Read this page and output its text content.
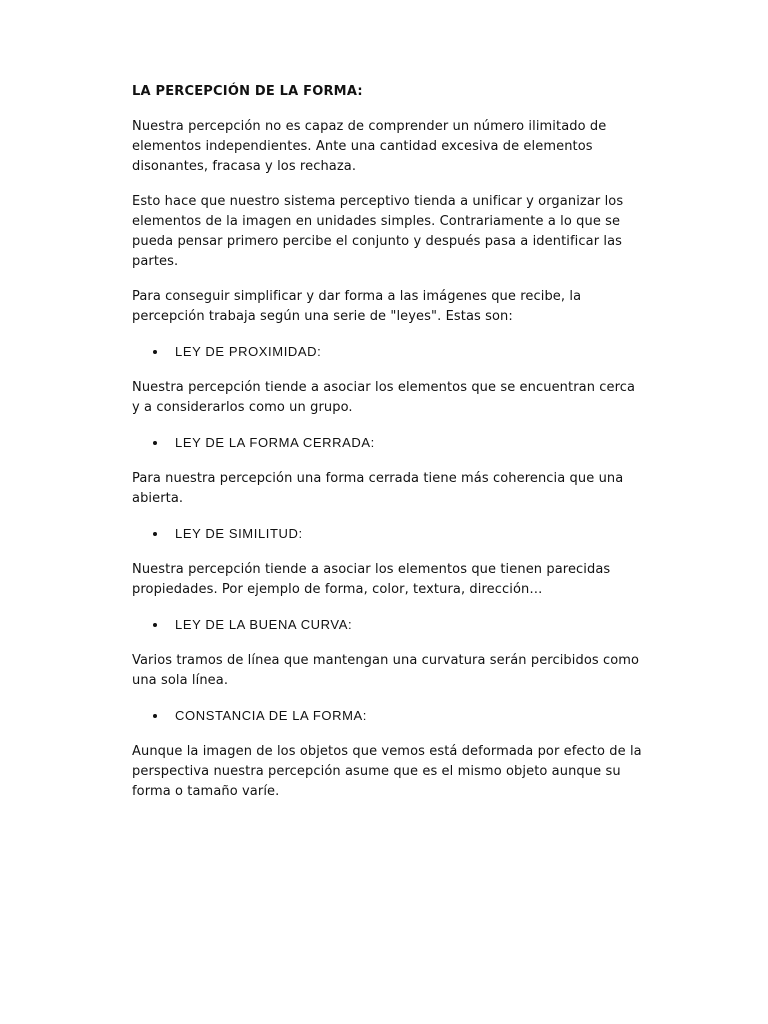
LA PERCEPCIÓN DE LA FORMA:
Nuestra percepción no es capaz de comprender un número ilimitado de elementos independientes. Ante una cantidad excesiva de elementos disonantes, fracasa y los rechaza.
Esto hace que nuestro sistema perceptivo tienda a unificar y organizar los elementos de la imagen en unidades simples. Contrariamente a lo que se pueda pensar primero percibe el conjunto y después pasa a identificar las partes.
Para conseguir simplificar y dar forma a las imágenes que recibe, la percepción trabaja según una serie de "leyes". Estas son:
LEY DE PROXIMIDAD:
Nuestra percepción tiende a asociar los elementos que se encuentran cerca y a considerarlos como un grupo.
LEY DE LA FORMA CERRADA:
Para nuestra percepción una forma cerrada tiene más coherencia que una abierta.
LEY DE SIMILITUD:
Nuestra percepción tiende a asociar los elementos que tienen parecidas propiedades. Por ejemplo de forma, color, textura, dirección…
LEY DE LA BUENA CURVA:
Varios tramos de línea que mantengan una curvatura serán percibidos como una sola línea.
CONSTANCIA DE LA FORMA:
Aunque la imagen de los objetos que vemos está deformada por efecto de la perspectiva nuestra percepción asume que es el mismo objeto aunque su forma o tamaño varíe.
